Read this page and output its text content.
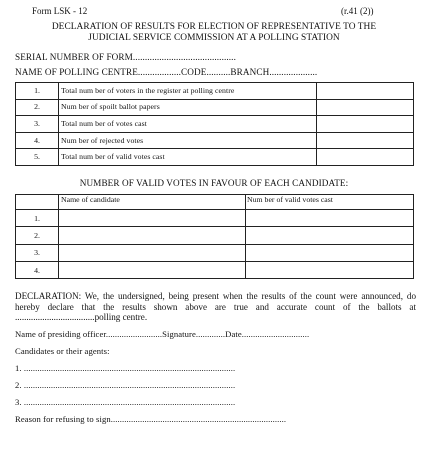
Form LSK - 12	(r.41 (2))
DECLARATION OF RESULTS FOR ELECTION OF REPRESENTATIVE TO THE
JUDICIAL SERVICE COMMISSION AT A POLLING STATION
SERIAL NUMBER OF FORM...........................................
NAME OF POLLING CENTRE..................CODE..........BRANCH....................
1.	Total num ber of voters in the register at polling centre	
2.	Num ber of spoilt ballot papers	
3.	Total num ber of votes cast	
4.	Num ber of rejected votes	
5.	Total num ber of valid votes cast	
NUMBER OF VALID VOTES IN FAVOUR OF EACH CANDIDATE:
	Name of candidate	Num ber of valid votes cast
1.		
2.		
3.		
4.		
DECLARATION: We, the undersigned, being present when the results of the count were announced, do hereby declare that the results shown above are true and accurate count of the ballots at ...................................polling centre.
Name of presiding officer.........................Signature.............Date..............................
Candidates or their agents:
1. ..............................................................................................
2. ..............................................................................................
3. ..............................................................................................
Reason for refusing to sign..............................................................................
